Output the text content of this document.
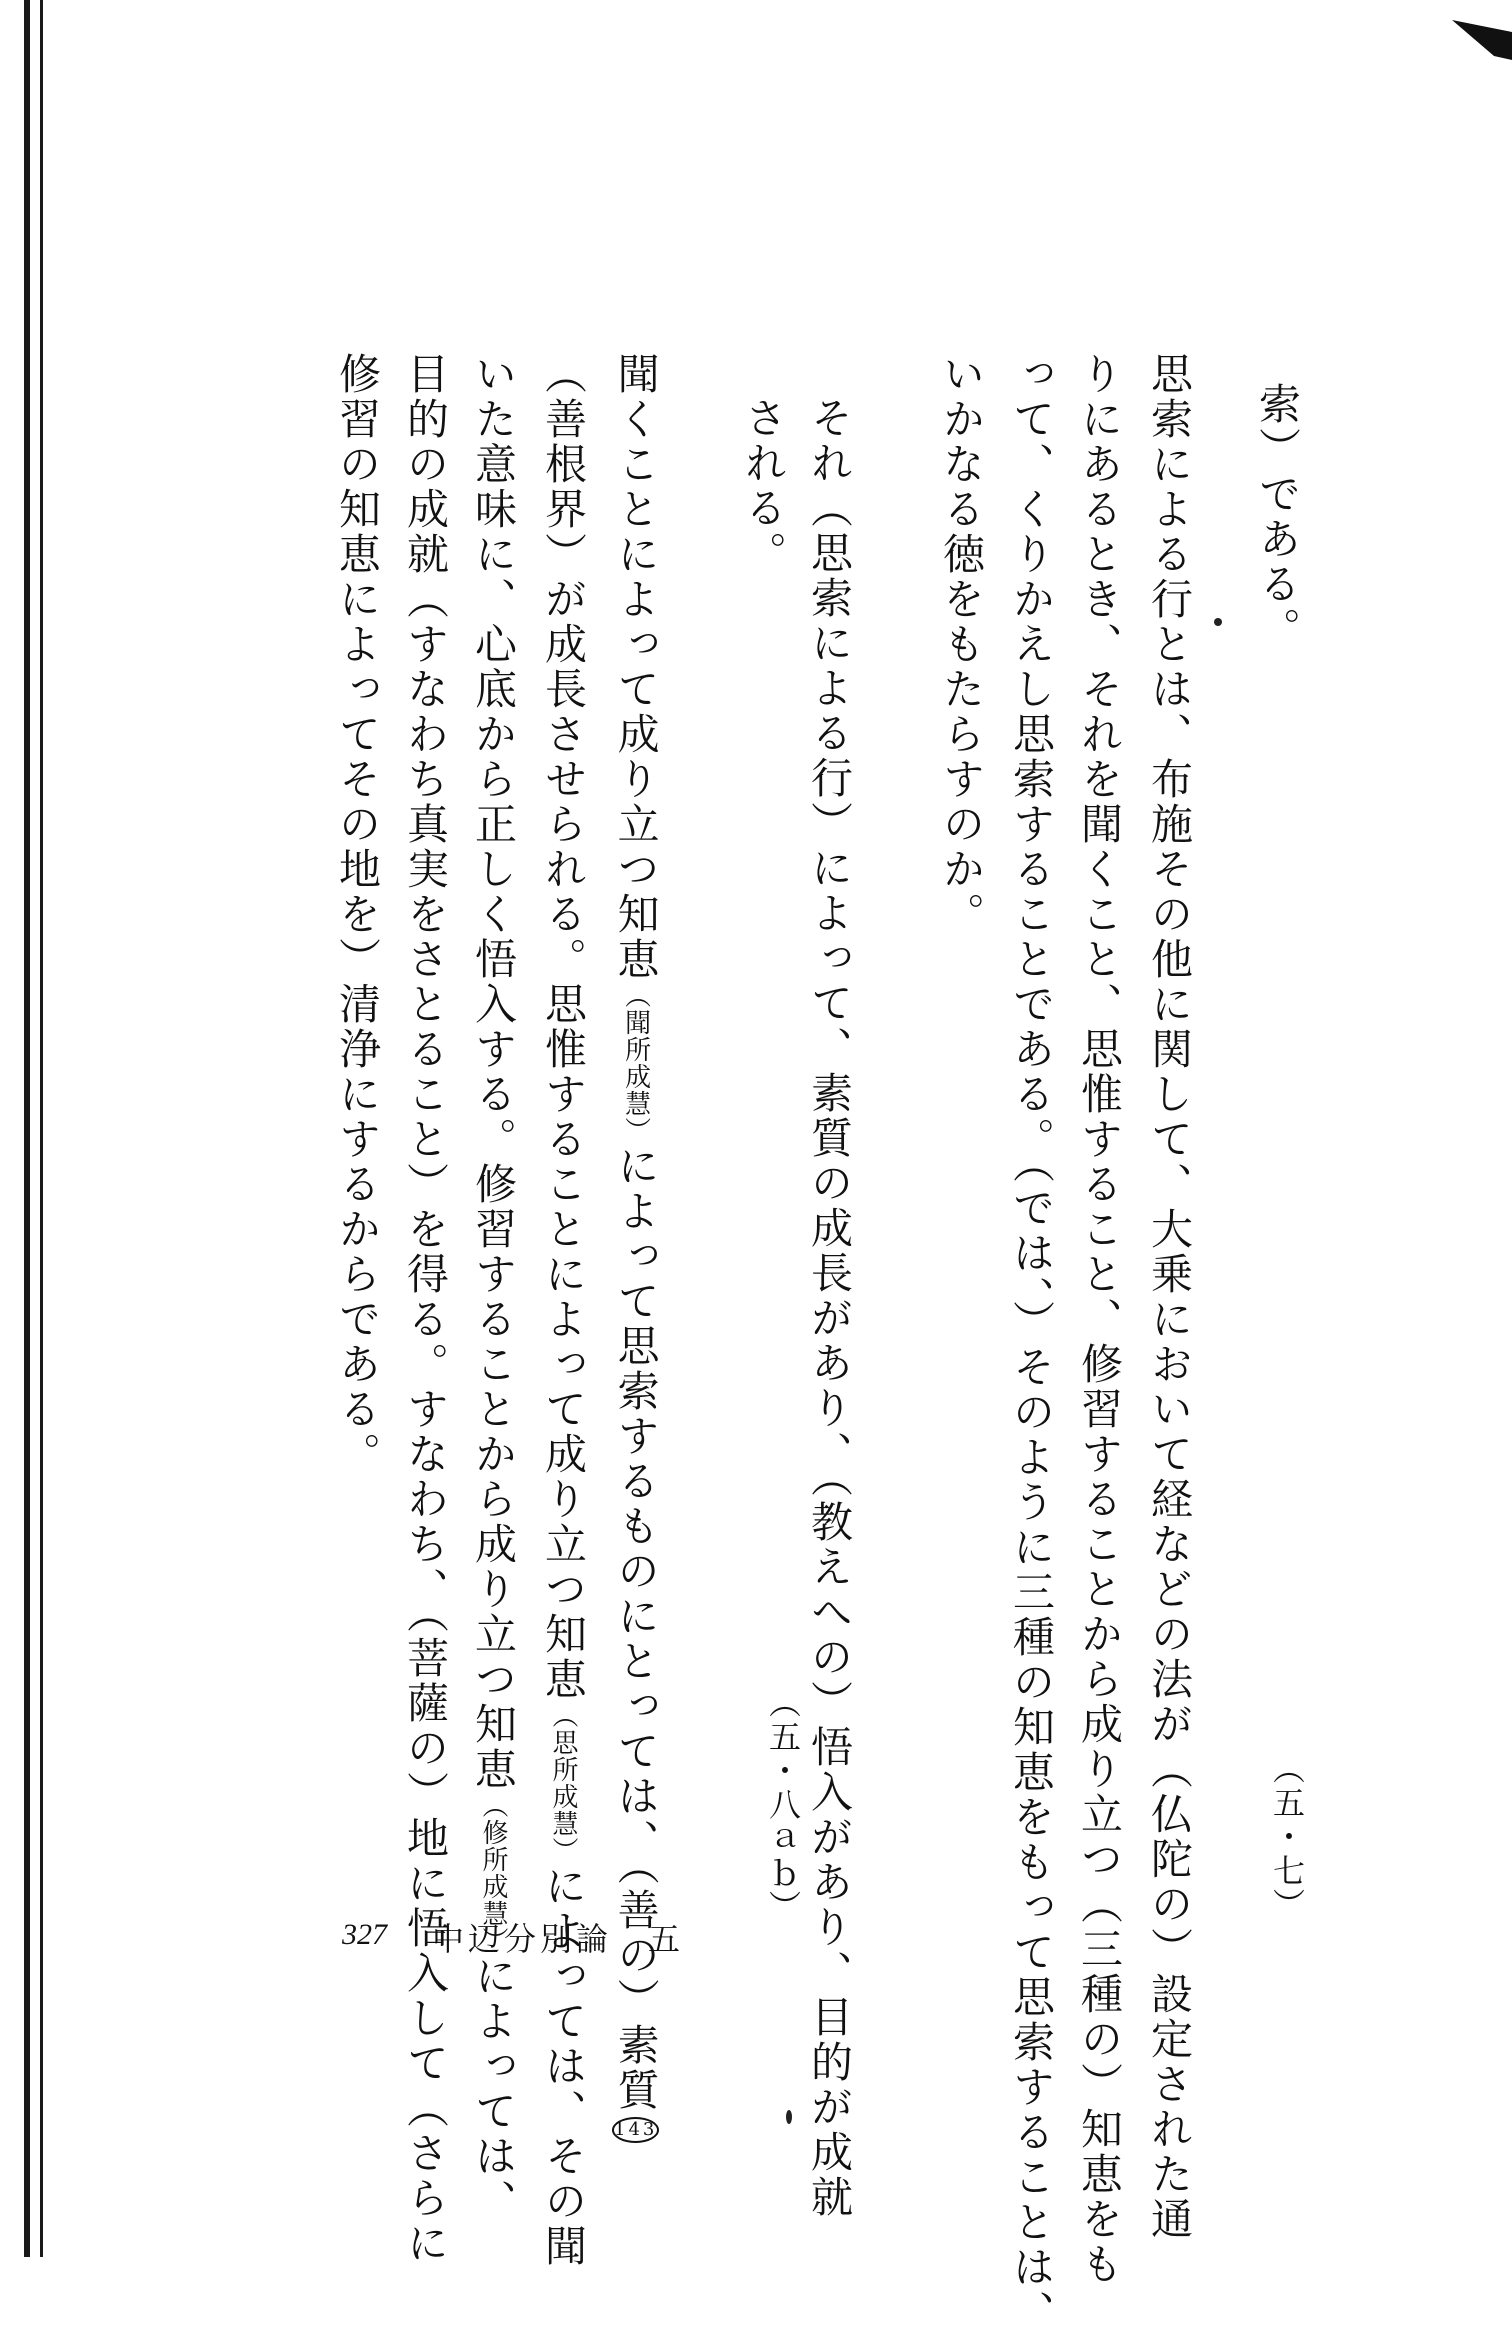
索）である。
（五・七）
思索による行とは、布施その他に関して、大乗において経などの法が（仏陀の）設定された通
りにあるとき、それを聞くこと、思惟すること、修習することから成り立つ（三種の）知恵をも
って、くりかえし思索することである。（では、）そのように三種の知恵をもって思索することは、
いかなる徳をもたらすのか。
それ（思索による行）によって、素質の成長があり、（教えへの）悟入があり、目的が成就
される。
（五・八ａｂ）
聞くことによって成り立つ知恵（聞所成慧）によって思索するものにとっては、（善の）素質143
（善根界）が成長させられる。思惟することによって成り立つ知恵（思所成慧）によっては、その聞
いた意味に、心底から正しく悟入する。修習することから成り立つ知恵（修所成慧）によっては、
目的の成就（すなわち真実をさとること）を得る。すなわち、（菩薩の）地に悟入して（さらに
修習の知恵によってその地を）清浄にするからである。
327 中辺分別論　五
